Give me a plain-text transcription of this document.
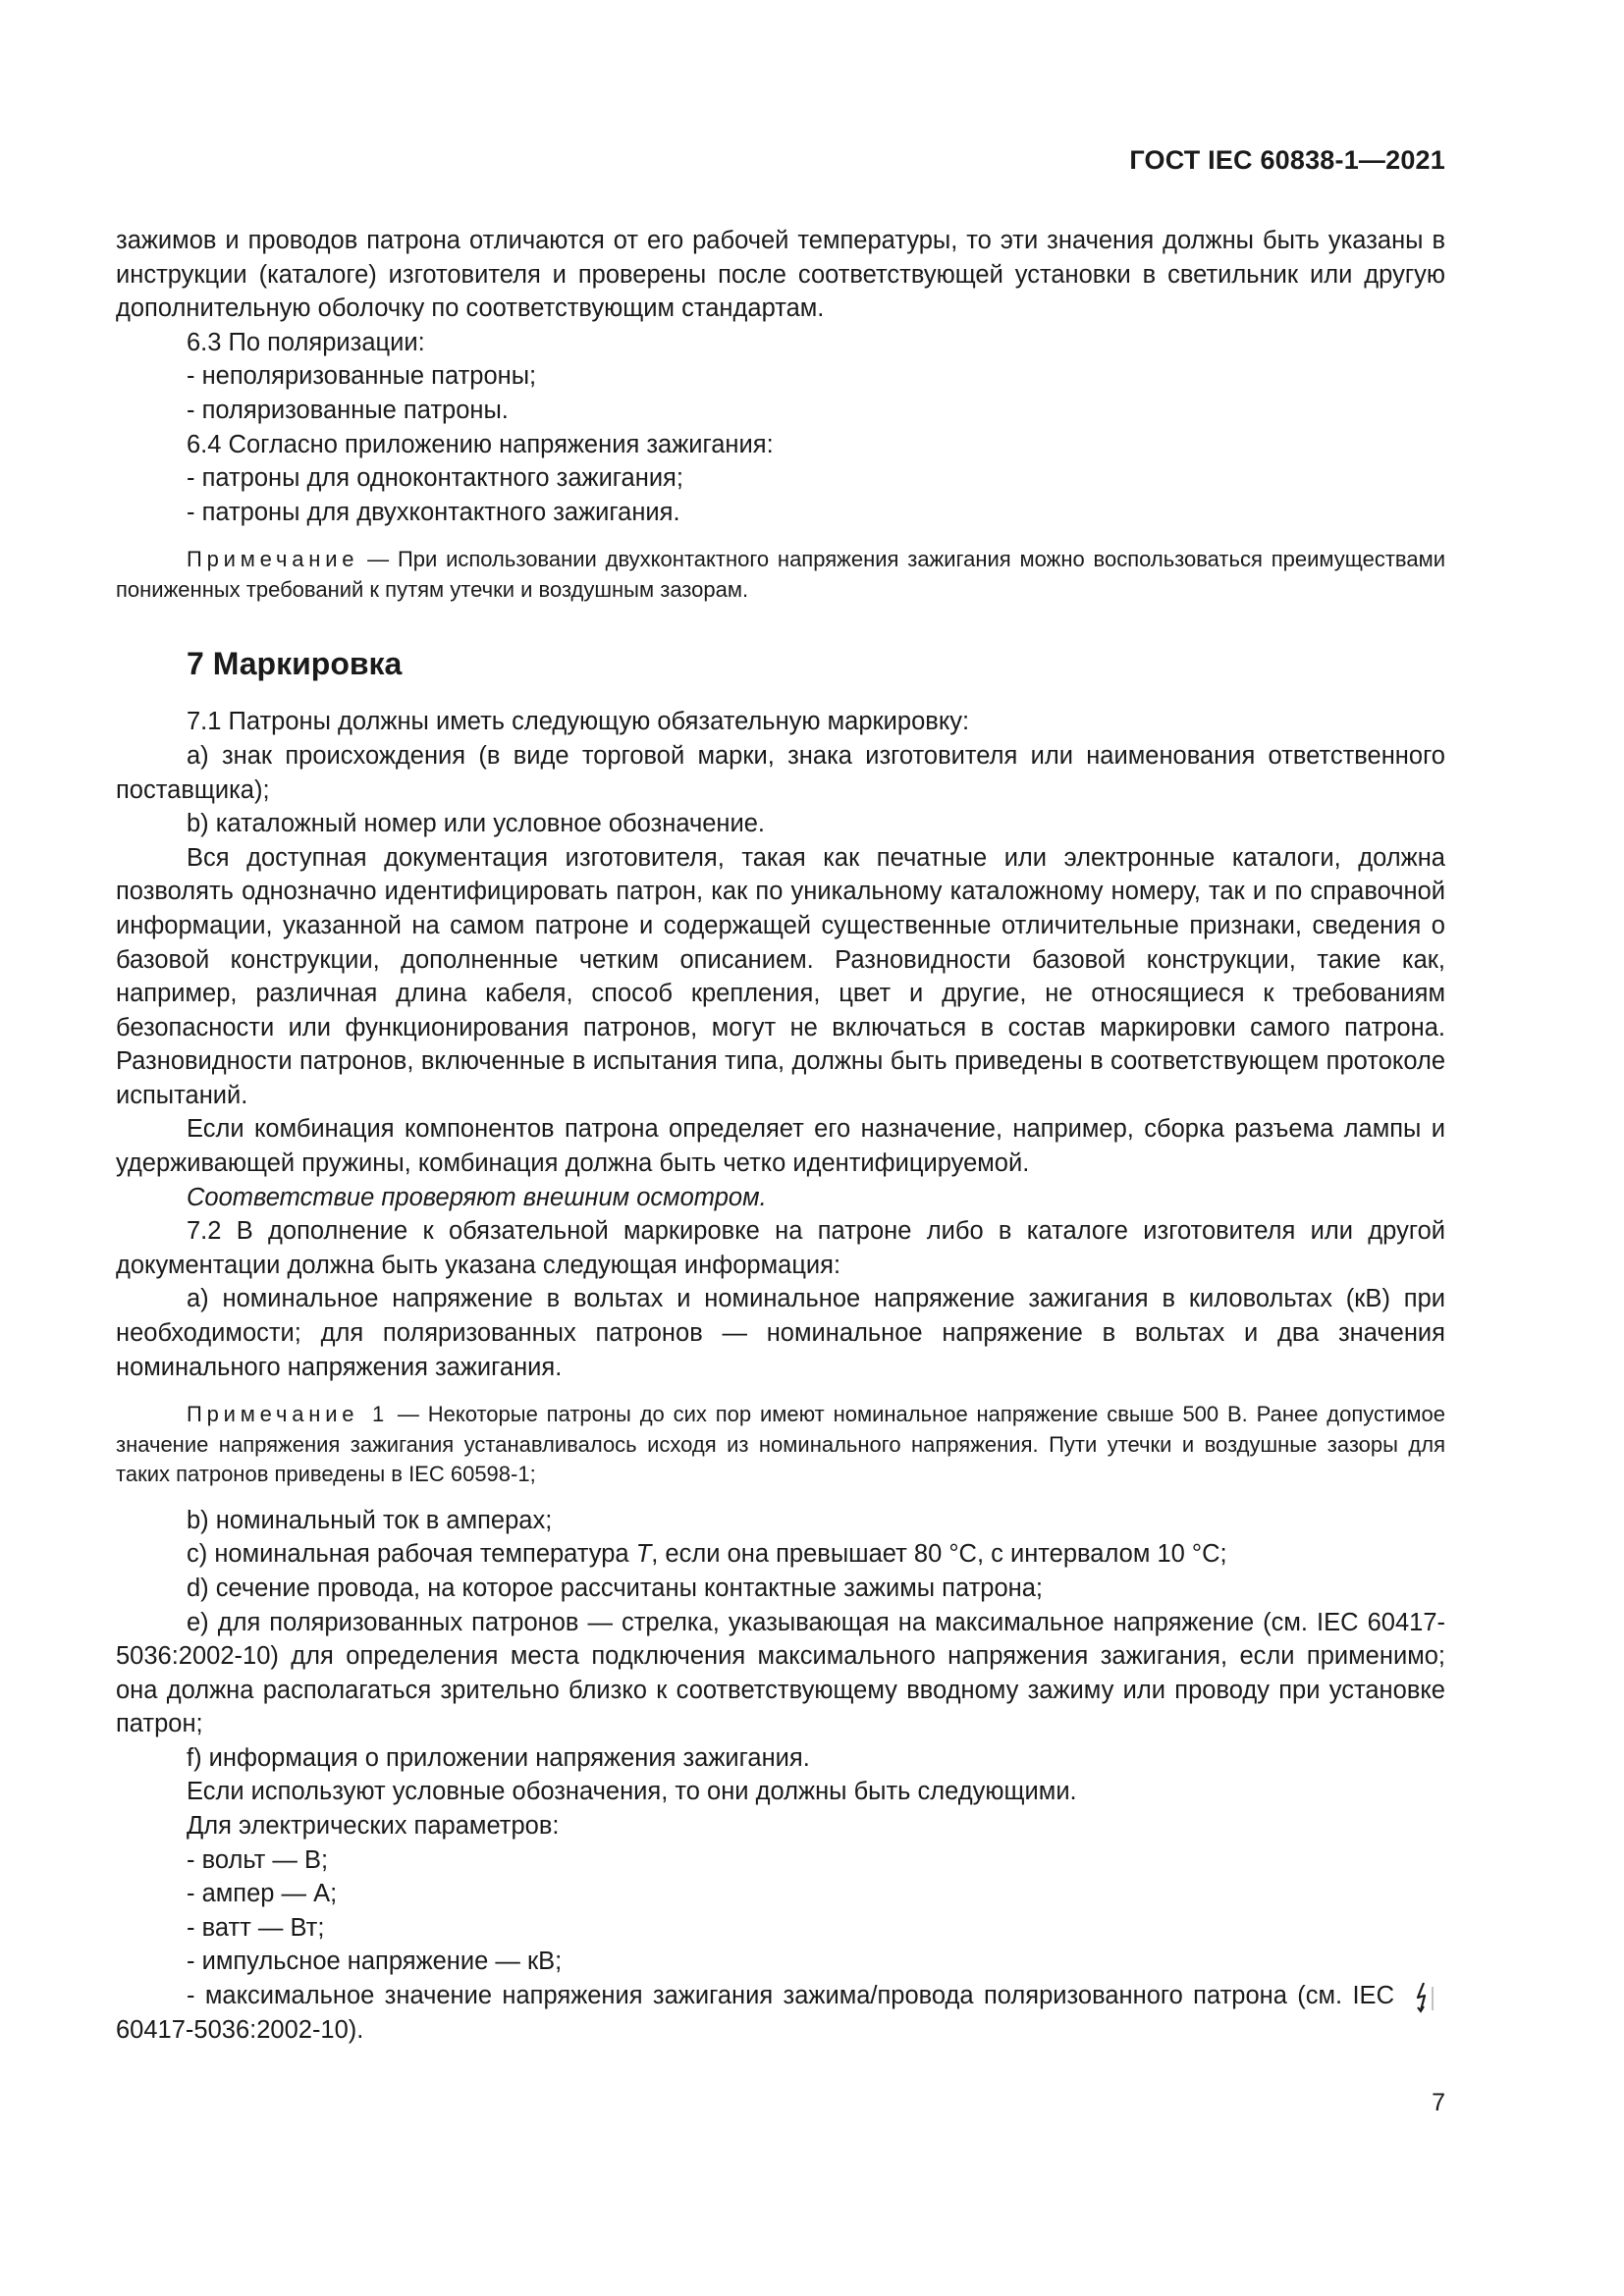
ГОСТ IEC 60838-1—2021

зажимов и проводов патрона отличаются от его рабочей температуры, то эти значения должны быть указаны в инструкции (каталоге) изготовителя и проверены после соответствующей установки в светильник или другую дополнительную оболочку по соответствующим стандартам.

6.3 По поляризации:

- неполяризованные патроны;

- поляризованные патроны.

6.4 Согласно приложению напряжения зажигания:

- патроны для одноконтактного зажигания;

- патроны для двухконтактного зажигания.

Примечание — При использовании двухконтактного напряжения зажигания можно воспользоваться преимуществами пониженных требований к путям утечки и воздушным зазорам.

7 Маркировка

7.1 Патроны должны иметь следующую обязательную маркировку:

a) знак происхождения (в виде торговой марки, знака изготовителя или наименования ответственного поставщика);

b) каталожный номер или условное обозначение.

Вся доступная документация изготовителя, такая как печатные или электронные каталоги, должна позволять однозначно идентифицировать патрон, как по уникальному каталожному номеру, так и по справочной информации, указанной на самом патроне и содержащей существенные отличительные признаки, сведения о базовой конструкции, дополненные четким описанием. Разновидности базовой конструкции, такие как, например, различная длина кабеля, способ крепления, цвет и другие, не относящиеся к требованиям безопасности или функционирования патронов, могут не включаться в состав маркировки самого патрона. Разновидности патронов, включенные в испытания типа, должны быть приведены в соответствующем протоколе испытаний.

Если комбинация компонентов патрона определяет его назначение, например, сборка разъема лампы и удерживающей пружины, комбинация должна быть четко идентифицируемой.

Соответствие проверяют внешним осмотром.

7.2 В дополнение к обязательной маркировке на патроне либо в каталоге изготовителя или другой документации должна быть указана следующая информация:

a) номинальное напряжение в вольтах и номинальное напряжение зажигания в киловольтах (кВ) при необходимости; для поляризованных патронов — номинальное напряжение в вольтах и два значения номинального напряжения зажигания.

Примечание 1 — Некоторые патроны до сих пор имеют номинальное напряжение свыше 500 В. Ранее допустимое значение напряжения зажигания устанавливалось исходя из номинального напряжения. Пути утечки и воздушные зазоры для таких патронов приведены в IEC 60598-1;

b) номинальный ток в амперах;

c) номинальная рабочая температура T, если она превышает 80 °C, с интервалом 10 °C;

d) сечение провода, на которое рассчитаны контактные зажимы патрона;

e) для поляризованных патронов — стрелка, указывающая на максимальное напряжение (см. IEC 60417-5036:2002-10) для определения места подключения максимального напряжения зажигания, если применимо; она должна располагаться зрительно близко к соответствующему вводному зажиму или проводу при установке патрон;

f) информация о приложении напряжения зажигания.

Если используют условные обозначения, то они должны быть следующими.

Для электрических параметров:

- вольт — В;

- ампер — А;

- ватт — Вт;

- импульсное напряжение — кВ;

- максимальное значение напряжения зажигания зажима/провода поляризованного патрона (см. IEC 60417-5036:2002-10).

7
